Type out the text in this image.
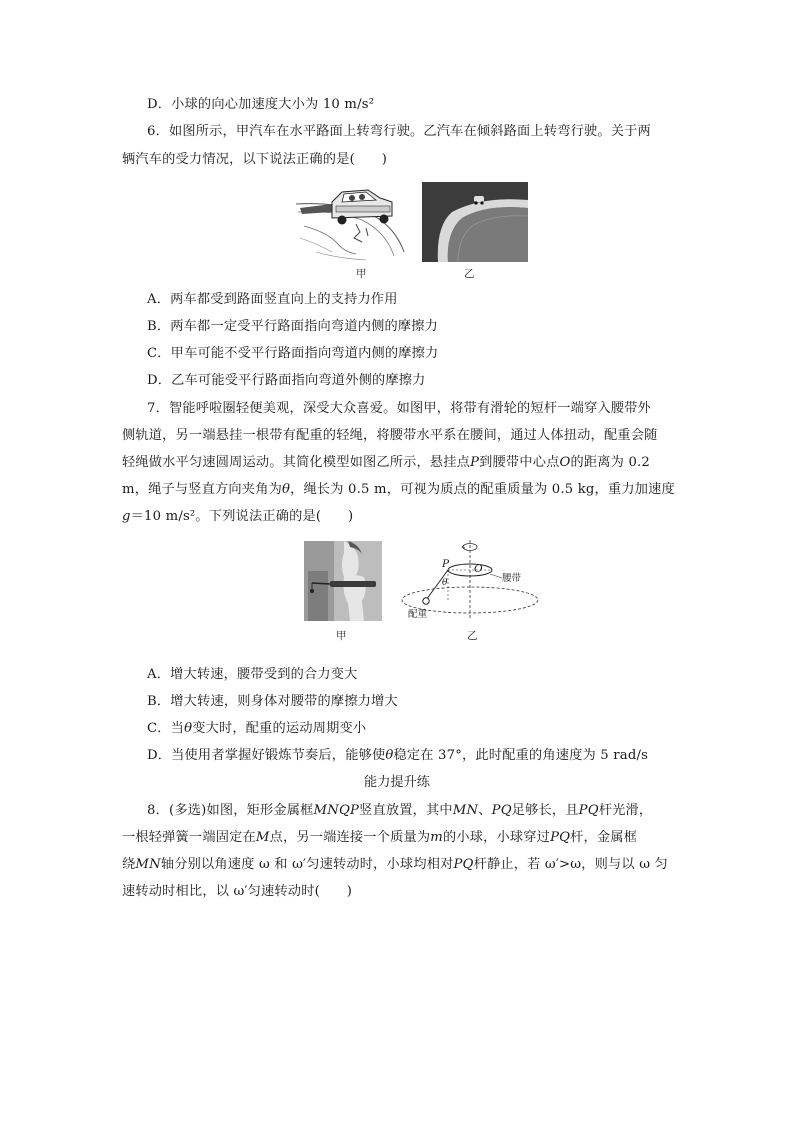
D．小球的向心加速度大小为 10 m/s²
6．如图所示，甲汽车在水平路面上转弯行驶。乙汽车在倾斜路面上转弯行驶。关于两
辆汽车的受力情况，以下说法正确的是(　　)
甲	乙
A．两车都受到路面竖直向上的支持力作用
B．两车都一定受平行路面指向弯道内侧的摩擦力
C．甲车可能不受平行路面指向弯道内侧的摩擦力
D．乙车可能受平行路面指向弯道外侧的摩擦力
7．智能呼啦圈轻便美观，深受大众喜爱。如图甲，将带有滑轮的短杆一端穿入腰带外
侧轨道，另一端悬挂一根带有配重的轻绳，将腰带水平系在腰间，通过人体扭动，配重会随
轻绳做水平匀速圆周运动。其简化模型如图乙所示，悬挂点P到腰带中心点O的距离为 0.2
m，绳子与竖直方向夹角为θ，绳长为 0.5 m，可视为质点的配重质量为 0.5 kg，重力加速度
g＝10 m/s²。下列说法正确的是(　　)
甲
P O
θ	腰带
配重
乙
A．增大转速，腰带受到的合力变大
B．增大转速，则身体对腰带的摩擦力增大
C．当θ变大时，配重的运动周期变小
D．当使用者掌握好锻炼节奏后，能够使θ稳定在 37°，此时配重的角速度为 5 rad/s
能力提升练
8．(多选)如图，矩形金属框MNQP竖直放置，其中MN、PQ足够长，且PQ杆光滑，
一根轻弹簧一端固定在M点，另一端连接一个质量为m的小球，小球穿过PQ杆，金属框
绕MN轴分别以角速度 ω 和 ω′匀速转动时，小球均相对PQ杆静止，若 ω′>ω，则与以 ω 匀
速转动时相比，以 ω′匀速转动时(　　)
